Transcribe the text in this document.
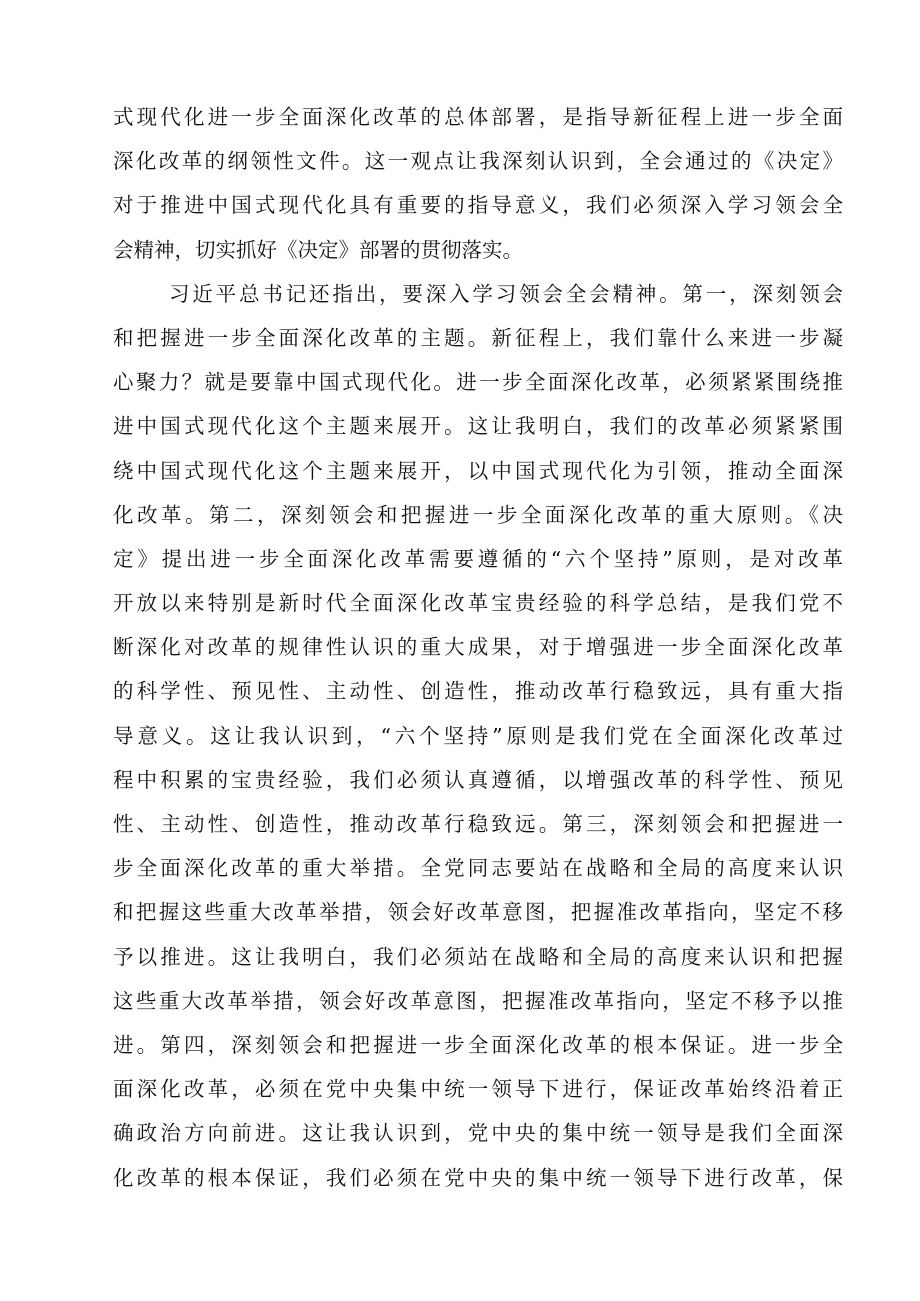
式现代化进一步全面深化改革的总体部署，是指导新征程上进一步全面
深化改革的纲领性文件。这一观点让我深刻认识到，全会通过的《决定》
对于推进中国式现代化具有重要的指导意义，我们必须深入学习领会全
会精神，切实抓好《决定》部署的贯彻落实。
习近平总书记还指出，要深入学习领会全会精神。第一，深刻领会
和把握进一步全面深化改革的主题。新征程上，我们靠什么来进一步凝
心聚力？就是要靠中国式现代化。进一步全面深化改革，必须紧紧围绕推
进中国式现代化这个主题来展开。这让我明白，我们的改革必须紧紧围
绕中国式现代化这个主题来展开，以中国式现代化为引领，推动全面深
化改革。第二，深刻领会和把握进一步全面深化改革的重大原则。《决
定》提出进一步全面深化改革需要遵循的“六个坚持”原则，是对改革
开放以来特别是新时代全面深化改革宝贵经验的科学总结，是我们党不
断深化对改革的规律性认识的重大成果，对于增强进一步全面深化改革
的科学性、预见性、主动性、创造性，推动改革行稳致远，具有重大指
导意义。这让我认识到，“六个坚持”原则是我们党在全面深化改革过
程中积累的宝贵经验，我们必须认真遵循，以增强改革的科学性、预见
性、主动性、创造性，推动改革行稳致远。第三，深刻领会和把握进一
步全面深化改革的重大举措。全党同志要站在战略和全局的高度来认识
和把握这些重大改革举措，领会好改革意图，把握准改革指向，坚定不移
予以推进。这让我明白，我们必须站在战略和全局的高度来认识和把握
这些重大改革举措，领会好改革意图，把握准改革指向，坚定不移予以推
进。第四，深刻领会和把握进一步全面深化改革的根本保证。进一步全
面深化改革，必须在党中央集中统一领导下进行，保证改革始终沿着正
确政治方向前进。这让我认识到，党中央的集中统一领导是我们全面深
化改革的根本保证，我们必须在党中央的集中统一领导下进行改革，保
